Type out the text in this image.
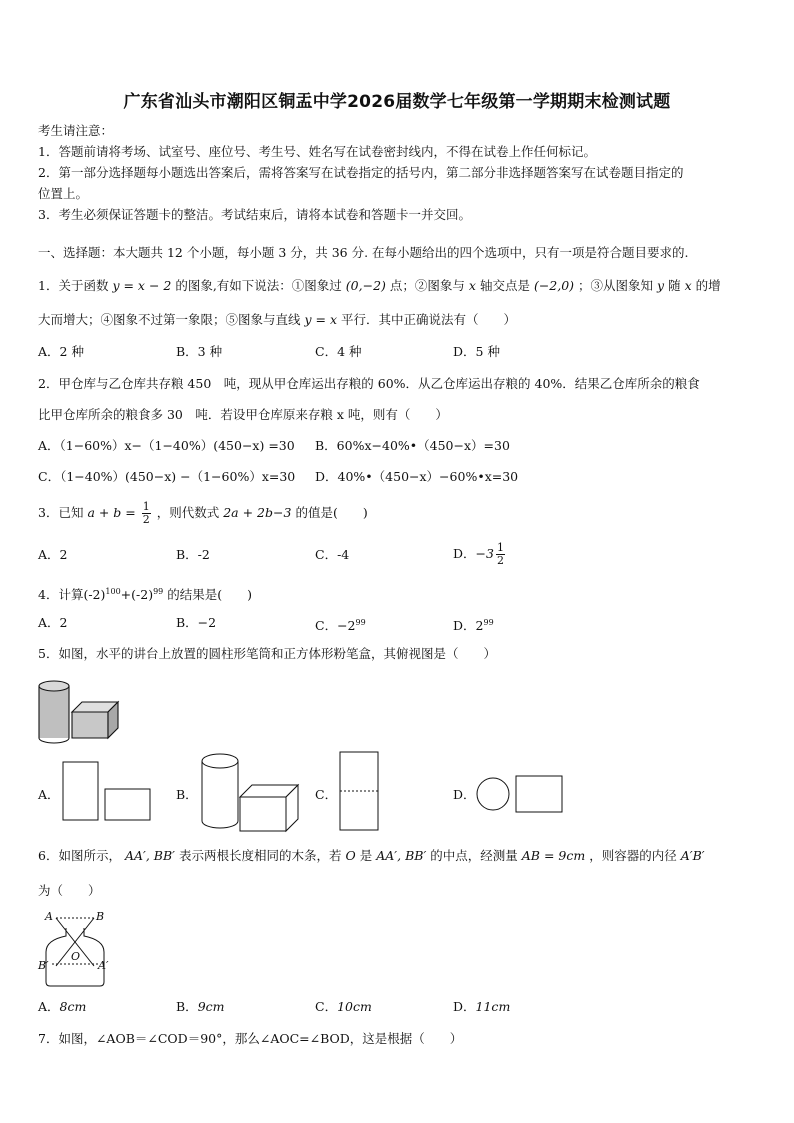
广东省汕头市潮阳区铜盂中学2026届数学七年级第一学期期末检测试题
考生请注意：
1．答题前请将考场、试室号、座位号、考生号、姓名写在试卷密封线内，不得在试卷上作任何标记。
2．第一部分选择题每小题选出答案后，需将答案写在试卷指定的括号内，第二部分非选择题答案写在试卷题目指定的
位置上。
3．考生必须保证答题卡的整洁。考试结束后，请将本试卷和答题卡一并交回。
一、选择题：本大题共 12 个小题，每小题 3 分，共 36 分. 在每小题给出的四个选项中，只有一项是符合题目要求的.
1．关于函数 y = x − 2 的图象,有如下说法：①图象过 (0,−2) 点；②图象与 x 轴交点是 (−2,0) ；③从图象知 y 随 x 的增
大而增大；④图象不过第一象限；⑤图象与直线 y = x 平行．其中正确说法有（　　）
A．2 种	B．3 种	C．4 种	D．5 种
2．甲仓库与乙仓库共存粮 450　吨，现从甲仓库运出存粮的 60%．从乙仓库运出存粮的 40%．结果乙仓库所余的粮食
比甲仓库所余的粮食多 30　吨．若设甲仓库原来存粮 x 吨，则有（　　）
A．（1−60%）x−（1−40%）(450−x) =30 B．60%x−40%•（450−x）=30
C．（1−40%）(450−x) −（1−60%）x=30 D．40%•（450−x）−60%•x=30
3．已知 $a + b = \frac{1}{2}$ ，则代数式 2a + 2b−3 的值是(　　)
A．2	B．-2	C．-4	D．$-3 \frac{1}{2}$
4．计算$(-2)^{100}+(-2)^{99}$ 的结果是(　　)
A．2	B．−2	C．$-2^{99}$	D．$2^{99}$
5．如图，水平的讲台上放置的圆柱形笔筒和正方体形粉笔盒，其俯视图是（　　）
A．	B．	C．	D．
6．如图所示， AA′, BB′ 表示两根长度相同的木条，若 O 是 AA′, BB′ 的中点，经测量 AB = 9cm ，则容器的内径 A′B′
为（　　）
A	B
O
B′	A′
A．8cm	B．9cm	C．10cm	D．11cm
7．如图，∠AOB＝∠COD＝90°，那么∠AOC=∠BOD，这是根据（　　）
